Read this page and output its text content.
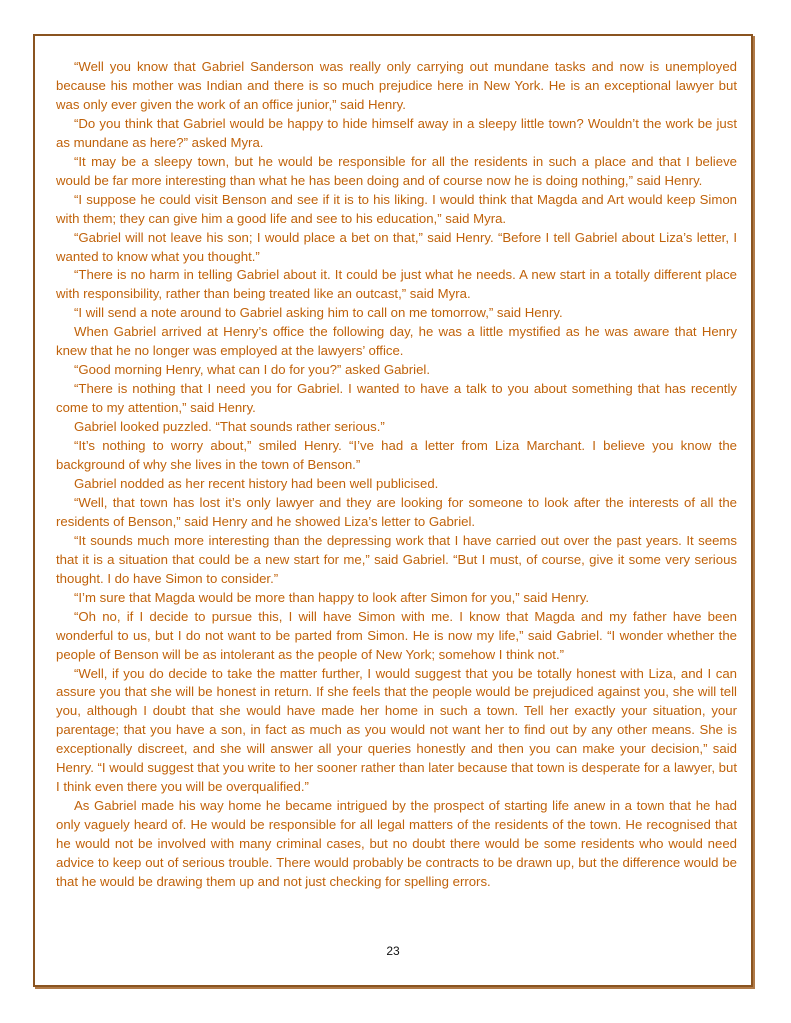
“Well you know that Gabriel Sanderson was really only carrying out mundane tasks and now is unemployed because his mother was Indian and there is so much prejudice here in New York. He is an exceptional lawyer but was only ever given the work of an office junior,” said Henry.

“Do you think that Gabriel would be happy to hide himself away in a sleepy little town? Wouldn’t the work be just as mundane as here?” asked Myra.

“It may be a sleepy town, but he would be responsible for all the residents in such a place and that I believe would be far more interesting than what he has been doing and of course now he is doing nothing,” said Henry.

“I suppose he could visit Benson and see if it is to his liking. I would think that Magda and Art would keep Simon with them; they can give him a good life and see to his education,” said Myra.

“Gabriel will not leave his son; I would place a bet on that,” said Henry. “Before I tell Gabriel about Liza’s letter, I wanted to know what you thought.”

“There is no harm in telling Gabriel about it. It could be just what he needs. A new start in a totally different place with responsibility, rather than being treated like an outcast,” said Myra.

“I will send a note around to Gabriel asking him to call on me tomorrow,” said Henry.

When Gabriel arrived at Henry’s office the following day, he was a little mystified as he was aware that Henry knew that he no longer was employed at the lawyers’ office.

“Good morning Henry, what can I do for you?” asked Gabriel.

“There is nothing that I need you for Gabriel. I wanted to have a talk to you about something that has recently come to my attention,” said Henry.

Gabriel looked puzzled. “That sounds rather serious.”

“It’s nothing to worry about,” smiled Henry. “I’ve had a letter from Liza Marchant. I believe you know the background of why she lives in the town of Benson.”

Gabriel nodded as her recent history had been well publicised.

“Well, that town has lost it’s only lawyer and they are looking for someone to look after the interests of all the residents of Benson,” said Henry and he showed Liza’s letter to Gabriel.

“It sounds much more interesting than the depressing work that I have carried out over the past years. It seems that it is a situation that could be a new start for me,” said Gabriel. “But I must, of course, give it some very serious thought. I do have Simon to consider.”

“I’m sure that Magda would be more than happy to look after Simon for you,” said Henry.

“Oh no, if I decide to pursue this, I will have Simon with me. I know that Magda and my father have been wonderful to us, but I do not want to be parted from Simon. He is now my life,” said Gabriel. “I wonder whether the people of Benson will be as intolerant as the people of New York; somehow I think not.”

“Well, if you do decide to take the matter further, I would suggest that you be totally honest with Liza, and I can assure you that she will be honest in return. If she feels that the people would be prejudiced against you, she will tell you, although I doubt that she would have made her home in such a town. Tell her exactly your situation, your parentage; that you have a son, in fact as much as you would not want her to find out by any other means. She is exceptionally discreet, and she will answer all your queries honestly and then you can make your decision,” said Henry. “I would suggest that you write to her sooner rather than later because that town is desperate for a lawyer, but I think even there you will be overqualified.”

As Gabriel made his way home he became intrigued by the prospect of starting life anew in a town that he had only vaguely heard of. He would be responsible for all legal matters of the residents of the town. He recognised that he would not be involved with many criminal cases, but no doubt there would be some residents who would need advice to keep out of serious trouble. There would probably be contracts to be drawn up, but the difference would be that he would be drawing them up and not just checking for spelling errors.

23
